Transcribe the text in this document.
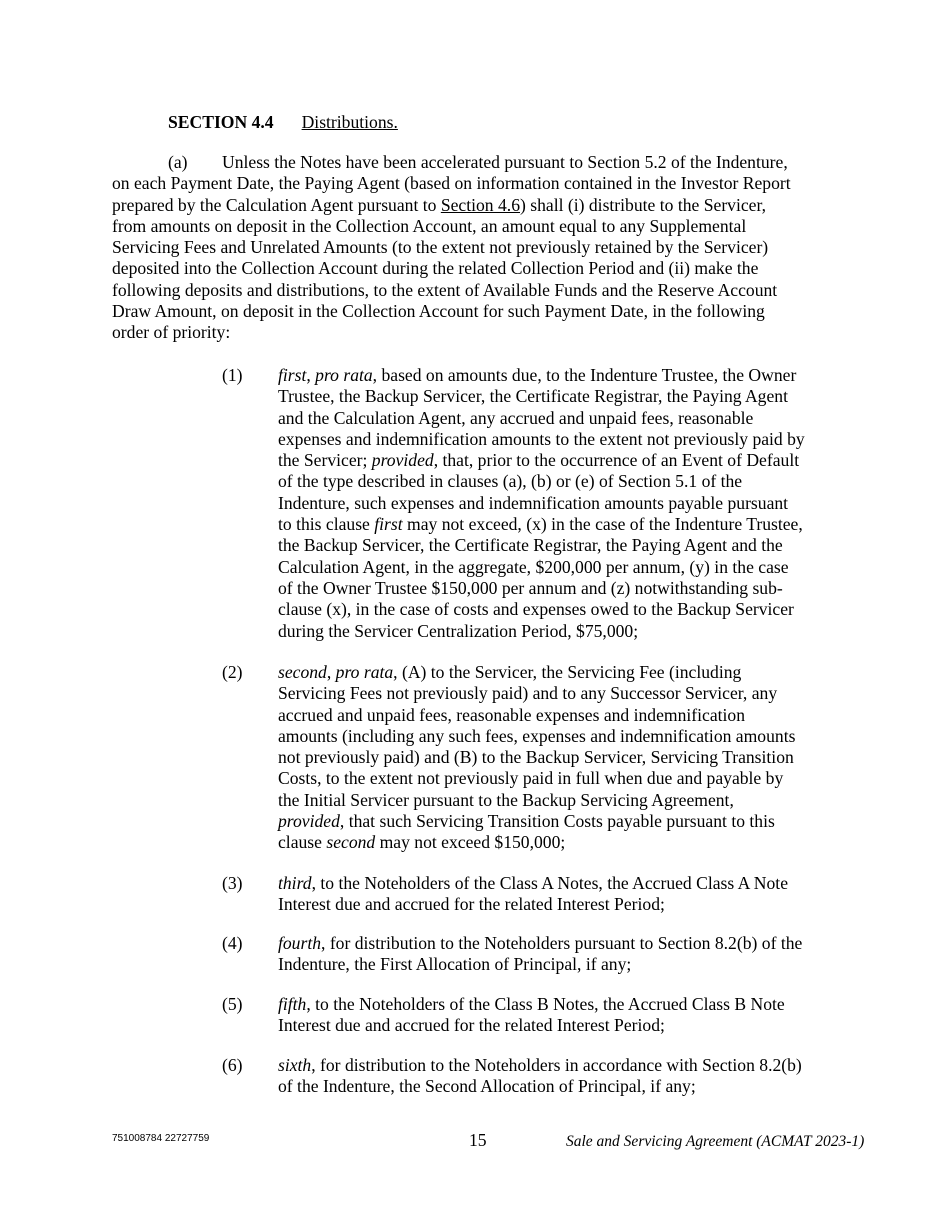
SECTION 4.4 Distributions.
(a) Unless the Notes have been accelerated pursuant to Section 5.2 of the Indenture,
on each Payment Date, the Paying Agent (based on information contained in the Investor Report
prepared by the Calculation Agent pursuant to Section 4.6) shall (i) distribute to the Servicer,
from amounts on deposit in the Collection Account, an amount equal to any Supplemental
Servicing Fees and Unrelated Amounts (to the extent not previously retained by the Servicer)
deposited into the Collection Account during the related Collection Period and (ii) make the
following deposits and distributions, to the extent of Available Funds and the Reserve Account
Draw Amount, on deposit in the Collection Account for such Payment Date, in the following
order of priority:
(1) first, pro rata, based on amounts due, to the Indenture Trustee, the Owner
Trustee, the Backup Servicer, the Certificate Registrar, the Paying Agent
and the Calculation Agent, any accrued and unpaid fees, reasonable
expenses and indemnification amounts to the extent not previously paid by
the Servicer; provided, that, prior to the occurrence of an Event of Default
of the type described in clauses (a), (b) or (e) of Section 5.1 of the
Indenture, such expenses and indemnification amounts payable pursuant
to this clause first may not exceed, (x) in the case of the Indenture Trustee,
the Backup Servicer, the Certificate Registrar, the Paying Agent and the
Calculation Agent, in the aggregate, $200,000 per annum, (y) in the case
of the Owner Trustee $150,000 per annum and (z) notwithstanding sub-
clause (x), in the case of costs and expenses owed to the Backup Servicer
during the Servicer Centralization Period, $75,000;
(2) second, pro rata, (A) to the Servicer, the Servicing Fee (including
Servicing Fees not previously paid) and to any Successor Servicer, any
accrued and unpaid fees, reasonable expenses and indemnification
amounts (including any such fees, expenses and indemnification amounts
not previously paid) and (B) to the Backup Servicer, Servicing Transition
Costs, to the extent not previously paid in full when due and payable by
the Initial Servicer pursuant to the Backup Servicing Agreement,
provided, that such Servicing Transition Costs payable pursuant to this
clause second may not exceed $150,000;
(3) third, to the Noteholders of the Class A Notes, the Accrued Class A Note
Interest due and accrued for the related Interest Period;
(4) fourth, for distribution to the Noteholders pursuant to Section 8.2(b) of the
Indenture, the First Allocation of Principal, if any;
(5) fifth, to the Noteholders of the Class B Notes, the Accrued Class B Note
Interest due and accrued for the related Interest Period;
(6) sixth, for distribution to the Noteholders in accordance with Section 8.2(b)
of the Indenture, the Second Allocation of Principal, if any;
751008784 22727759	15	Sale and Servicing Agreement (ACMAT 2023-1)
